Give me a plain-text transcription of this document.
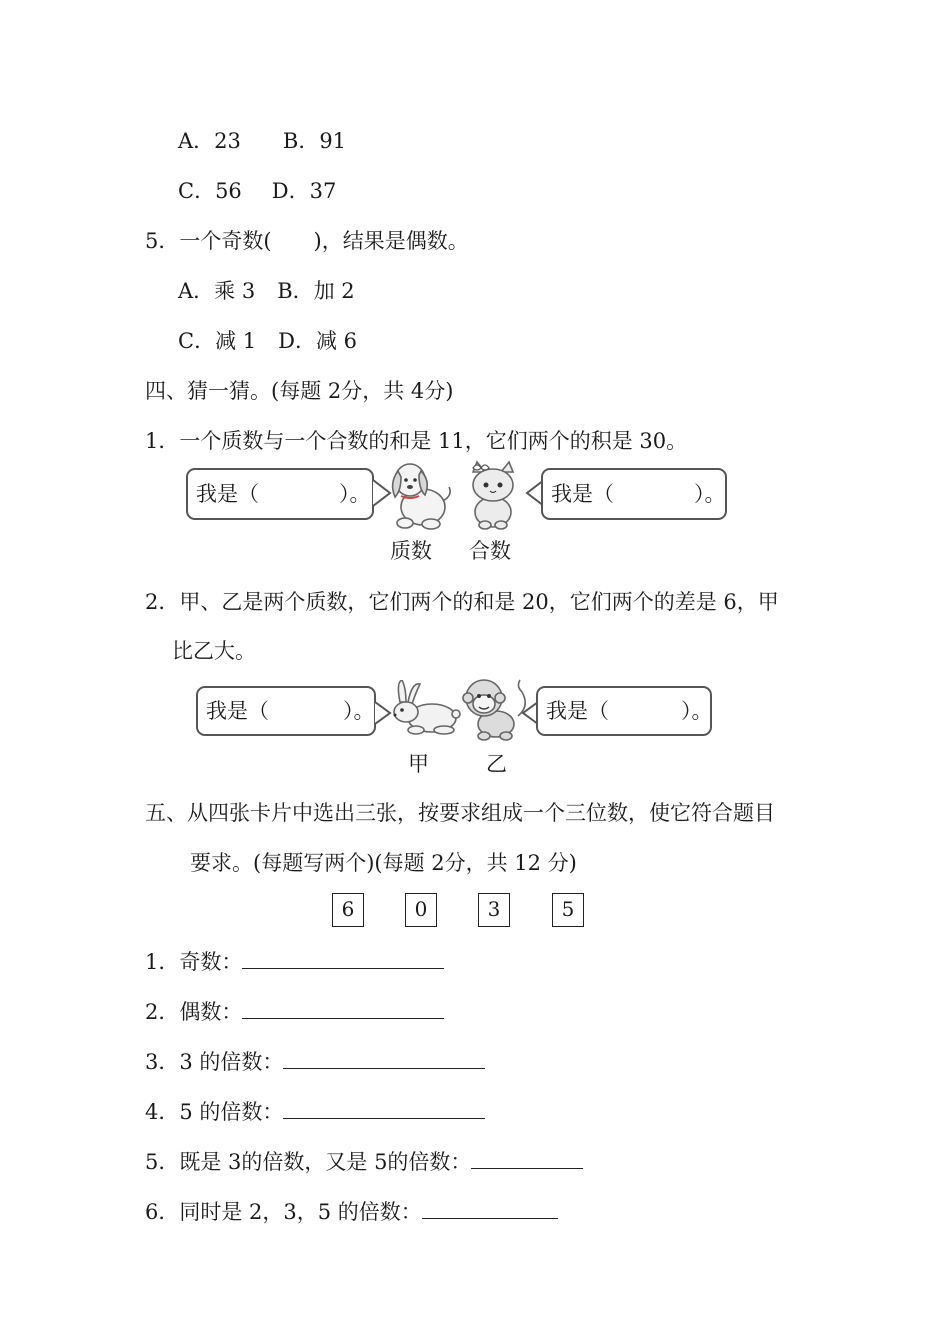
A．23 B．91
C．56 D．37
5．一个奇数(　　)，结果是偶数。
A．乘 3 B．加 2
C．减 1 D．减 6
四、猜一猜。(每题 2分，共 4分)
1．一个质数与一个合数的和是 11，它们两个的积是 30。
我是（	）。	我是（	）。
质数 合数
2．甲、乙是两个质数，它们两个的和是 20，它们两个的差是 6，甲
比乙大。
我是（	）。	我是（	）。
甲	乙
五、从四张卡片中选出三张，按要求组成一个三位数，使它符合题目
要求。(每题写两个)(每题 2分，共 12 分)
6	0	3	5
1．奇数：
2．偶数：
3．3 的倍数：
4．5 的倍数：
5．既是 3的倍数，又是 5的倍数：
6．同时是 2，3，5 的倍数：
